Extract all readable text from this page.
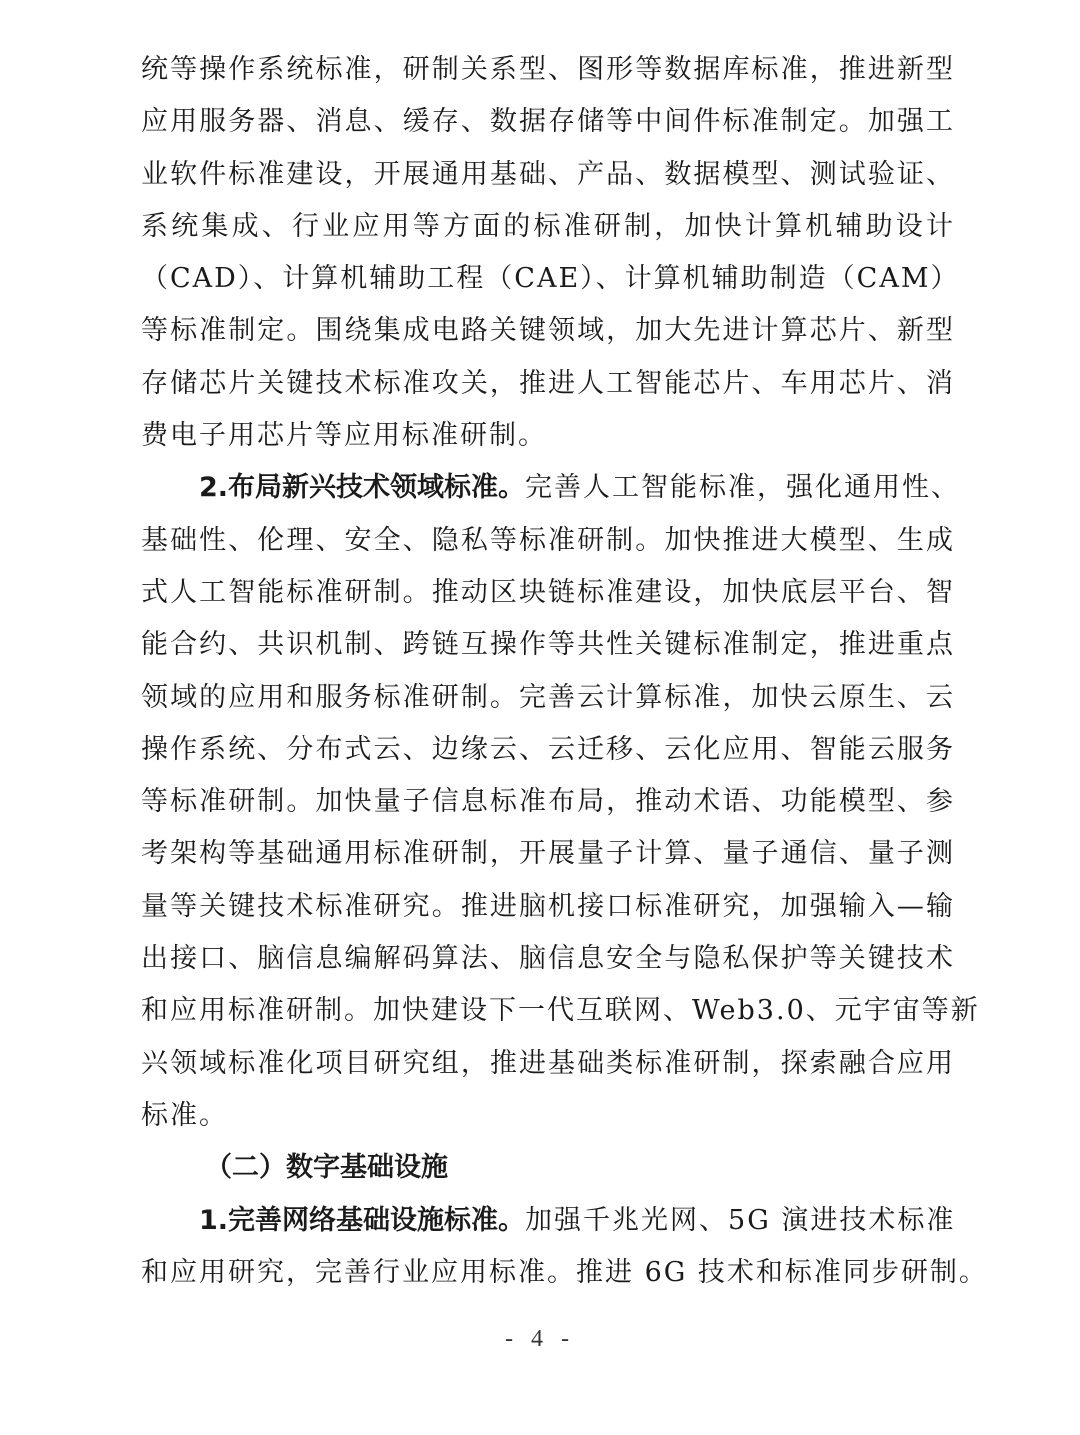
统等操作系统标准，研制关系型、图形等数据库标准，推进新型
应用服务器、消息、缓存、数据存储等中间件标准制定。加强工
业软件标准建设，开展通用基础、产品、数据模型、测试验证、
系统集成、行业应用等方面的标准研制，加快计算机辅助设计
（CAD）、计算机辅助工程（CAE）、计算机辅助制造（CAM）
等标准制定。围绕集成电路关键领域，加大先进计算芯片、新型
存储芯片关键技术标准攻关，推进人工智能芯片、车用芯片、消
费电子用芯片等应用标准研制。
2.布局新兴技术领域标准。完善人工智能标准，强化通用性、
基础性、伦理、安全、隐私等标准研制。加快推进大模型、生成
式人工智能标准研制。推动区块链标准建设，加快底层平台、智
能合约、共识机制、跨链互操作等共性关键标准制定，推进重点
领域的应用和服务标准研制。完善云计算标准，加快云原生、云
操作系统、分布式云、边缘云、云迁移、云化应用、智能云服务
等标准研制。加快量子信息标准布局，推动术语、功能模型、参
考架构等基础通用标准研制，开展量子计算、量子通信、量子测
量等关键技术标准研究。推进脑机接口标准研究，加强输入—输
出接口、脑信息编解码算法、脑信息安全与隐私保护等关键技术
和应用标准研制。加快建设下一代互联网、Web3.0、元宇宙等新
兴领域标准化项目研究组，推进基础类标准研制，探索融合应用
标准。
（二）数字基础设施
1.完善网络基础设施标准。加强千兆光网、5G 演进技术标准
和应用研究，完善行业应用标准。推进 6G 技术和标准同步研制。
- 4 -
